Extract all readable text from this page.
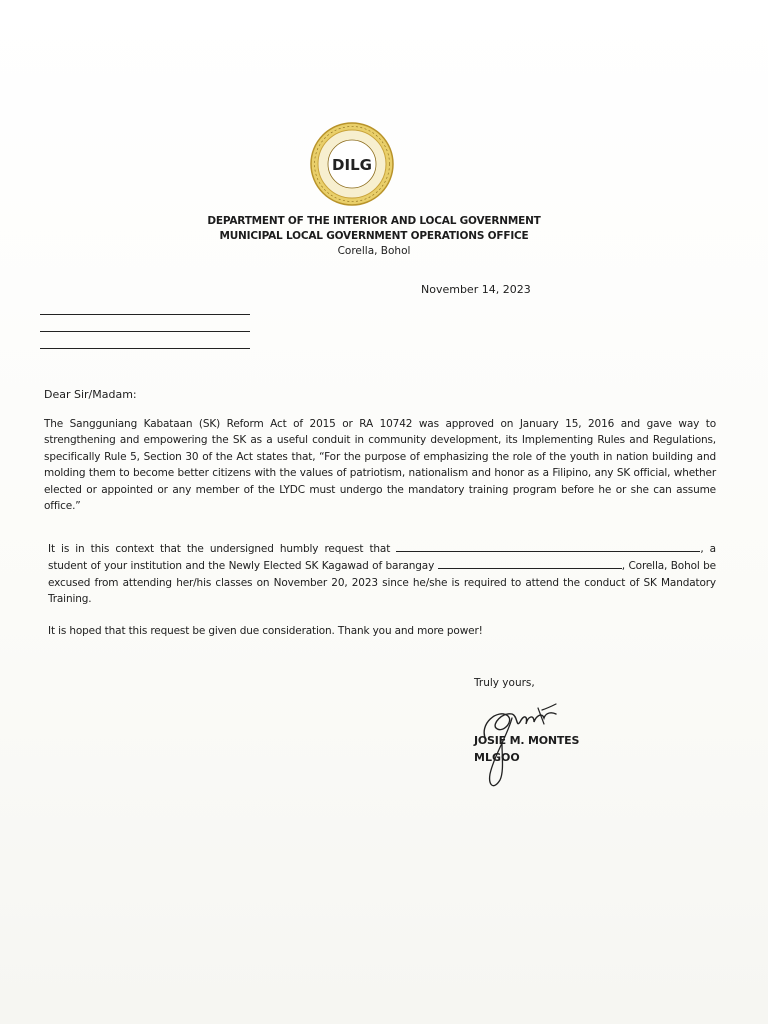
DILG
DEPARTMENT OF THE INTERIOR AND LOCAL GOVERNMENT
MUNICIPAL LOCAL GOVERNMENT OPERATIONS OFFICE
Corella, Bohol
November 14, 2023
Dear Sir/Madam:
The Sangguniang Kabataan (SK) Reform Act of 2015 or RA 10742 was approved on January 15, 2016 and gave way to strengthening and empowering the SK as a useful conduit in community development, its Implementing Rules and Regulations, specifically Rule 5, Section 30 of the Act states that, “For the purpose of emphasizing the role of the youth in nation building and molding them to become better citizens with the values of patriotism, nationalism and honor as a Filipino, any SK official, whether elected or appointed or any member of the LYDC must undergo the mandatory training program before he or she can assume office.”
It is in this context that the undersigned humbly request that	, a student of your institution and the Newly Elected SK Kagawad of barangay	, Corella, Bohol be excused from attending her/his classes on November 20, 2023 since he/she is required to attend the conduct of SK Mandatory Training.
It is hoped that this request be given due consideration. Thank you and more power!
Truly yours,
JOSIE M. MONTES
MLGOO
